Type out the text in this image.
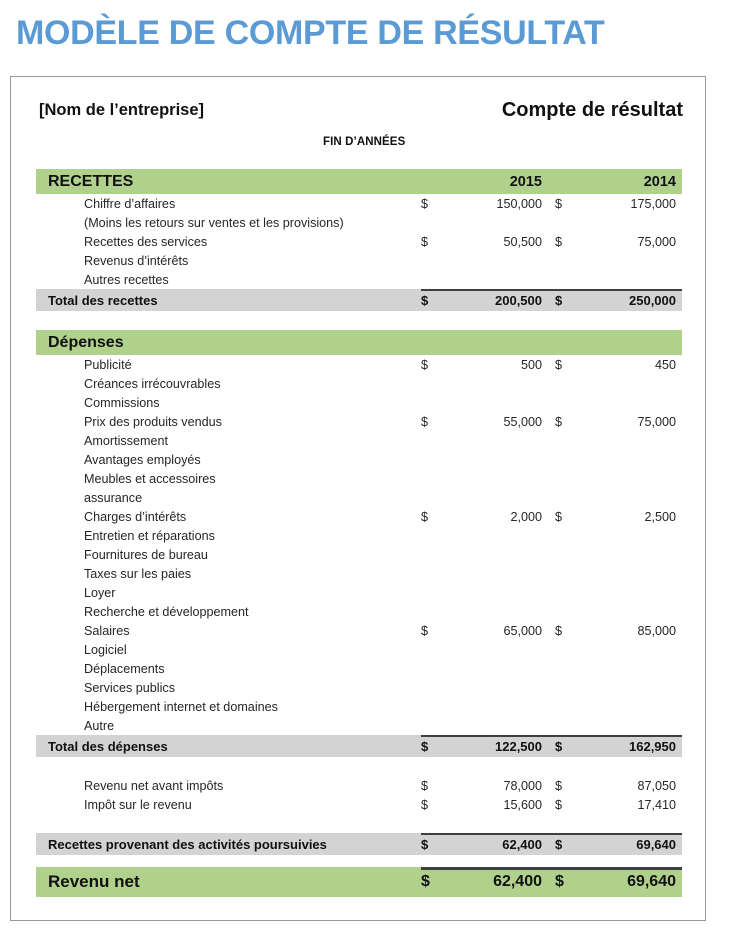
MODÈLE DE COMPTE DE RÉSULTAT
[Nom de l’entreprise]	Compte de résultat
FIN D’ANNÉES
RECETTES	2015	2014
Chiffre d’affaires	$	150,000	$	175,000
(Moins les retours sur ventes et les provisions)
Recettes des services	$	50,500	$	75,000
Revenus d’intérêts
Autres recettes
Total des recettes	$	200,500	$	250,000
Dépenses
Publicité	$	500	$	450
Créances irrécouvrables
Commissions
Prix des produits vendus	$	55,000	$	75,000
Amortissement
Avantages employés
Meubles et accessoires
assurance
Charges d’intérêts	$	2,000	$	2,500
Entretien et réparations
Fournitures de bureau
Taxes sur les paies
Loyer
Recherche et développement
Salaires	$	65,000	$	85,000
Logiciel
Déplacements
Services publics
Hébergement internet et domaines
Autre
Total des dépenses	$	122,500	$	162,950
Revenu net avant impôts	$	78,000	$	87,050
Impôt sur le revenu	$	15,600	$	17,410
Recettes provenant des activités poursuivies	$	62,400	$	69,640
Revenu net	$	62,400 $	69,640
